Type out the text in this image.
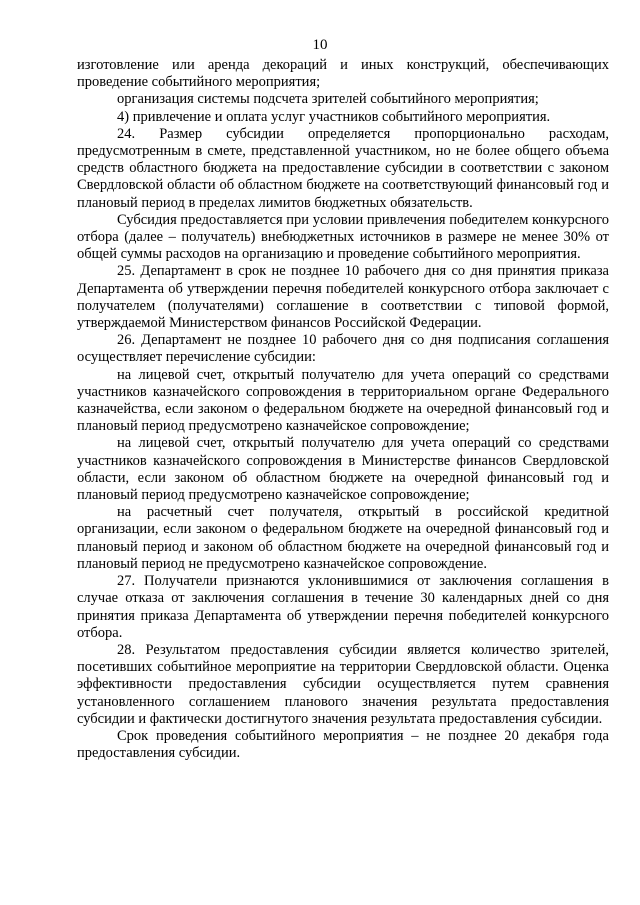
10

изготовление или аренда декораций и иных конструкций, обеспечивающих проведение событийного мероприятия;

организация системы подсчета зрителей событийного мероприятия;

4) привлечение и оплата услуг участников событийного мероприятия.

24. Размер субсидии определяется пропорционально расходам, предусмотренным в смете, представленной участником, но не более общего объема средств областного бюджета на предоставление субсидии в соответствии с законом Свердловской области об областном бюджете на соответствующий финансовый год и плановый период в пределах лимитов бюджетных обязательств.

Субсидия предоставляется при условии привлечения победителем конкурсного отбора (далее – получатель) внебюджетных источников в размере не менее 30% от общей суммы расходов на организацию и проведение событийного мероприятия.

25. Департамент в срок не позднее 10 рабочего дня со дня принятия приказа Департамента об утверждении перечня победителей конкурсного отбора заключает с получателем (получателями) соглашение в соответствии с типовой формой, утверждаемой Министерством финансов Российской Федерации.

26. Департамент не позднее 10 рабочего дня со дня подписания соглашения осуществляет перечисление субсидии:

на лицевой счет, открытый получателю для учета операций со средствами участников казначейского сопровождения в территориальном органе Федерального казначейства, если законом о федеральном бюджете на очередной финансовый год и плановый период предусмотрено казначейское сопровождение;

на лицевой счет, открытый получателю для учета операций со средствами участников казначейского сопровождения в Министерстве финансов Свердловской области, если законом об областном бюджете на очередной финансовый год и плановый период предусмотрено казначейское сопровождение;

на расчетный счет получателя, открытый в российской кредитной организации, если законом о федеральном бюджете на очередной финансовый год и плановый период и законом об областном бюджете на очередной финансовый год и плановый период не предусмотрено казначейское сопровождение.

27. Получатели признаются уклонившимися от заключения соглашения в случае отказа от заключения соглашения в течение 30 календарных дней со дня принятия приказа Департамента об утверждении перечня победителей конкурсного отбора.

28. Результатом предоставления субсидии является количество зрителей, посетивших событийное мероприятие на территории Свердловской области. Оценка эффективности предоставления субсидии осуществляется путем сравнения установленного соглашением планового значения результата предоставления субсидии и фактически достигнутого значения результата предоставления субсидии.

Срок проведения событийного мероприятия – не позднее 20 декабря года предоставления субсидии.
